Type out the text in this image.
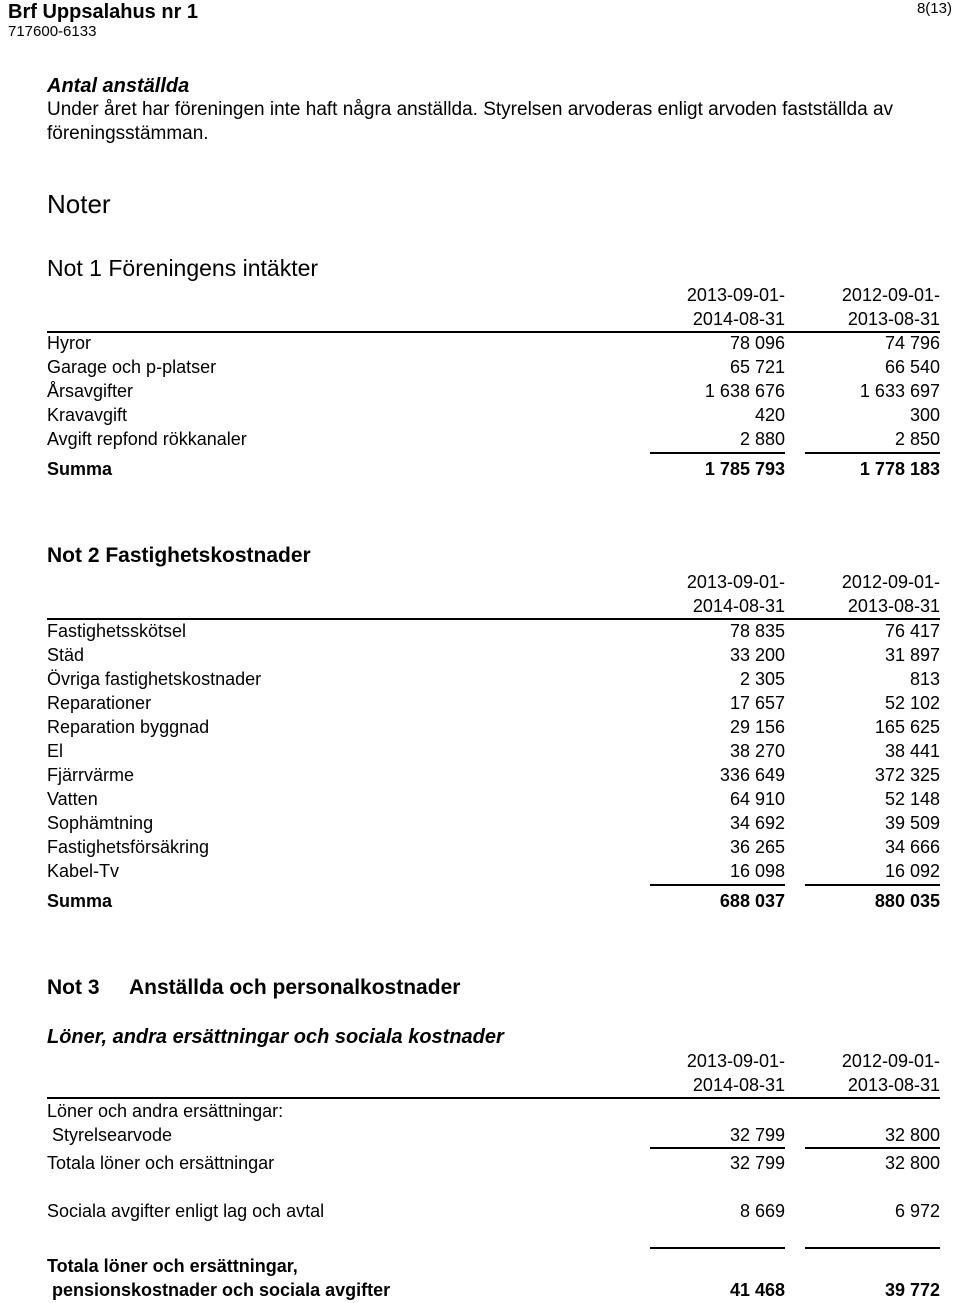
Brf Uppsalahus nr 1
717600-6133
8(13)
Antal anställda
Under året har föreningen inte haft några anställda. Styrelsen arvoderas enligt arvoden fastställda av
föreningsstämman.
Noter
Not 1 Föreningens intäkter
2013-09-01-
2014-08-31
2012-09-01-
2013-08-31
Hyror	78 096	74 796
Garage och p-platser	65 721	66 540
Årsavgifter	1 638 676	1 633 697
Kravavgift	420	300
Avgift repfond rökkanaler	2 880	2 850
Summa	1 785 793	1 778 183
Not 2 Fastighetskostnader
2013-09-01-
2014-08-31
2012-09-01-
2013-08-31
Fastighetsskötsel	78 835	76 417
Städ	33 200	31 897
Övriga fastighetskostnader	2 305	813
Reparationer	17 657	52 102
Reparation byggnad	29 156	165 625
El	38 270	38 441
Fjärrvärme	336 649	372 325
Vatten	64 910	52 148
Sophämtning	34 692	39 509
Fastighetsförsäkring	36 265	34 666
Kabel-Tv	16 098	16 092
Summa	688 037	880 035
Not 3 Anställda och personalkostnader
Löner, andra ersättningar och sociala kostnader
2013-09-01-
2014-08-31
2012-09-01-
2013-08-31
Löner och andra ersättningar:
Styrelsearvode	32 799	32 800
Totala löner och ersättningar	32 799	32 800
Sociala avgifter enligt lag och avtal	8 669	6 972
Totala löner och ersättningar,
pensionskostnader och sociala avgifter	41 468	39 772
